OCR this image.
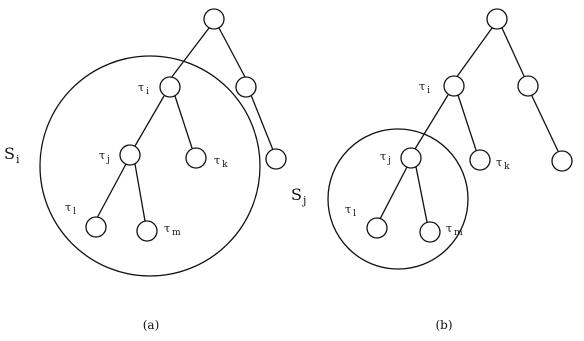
τ $_i$
τ $_j$	τ $_k$
τ $_l$
τ $_m$
$S_i$
(a)
τ $_i$
τ $_j$	τ $_k$
τ $_l$
τ $_m$
$S_j$
(b)
